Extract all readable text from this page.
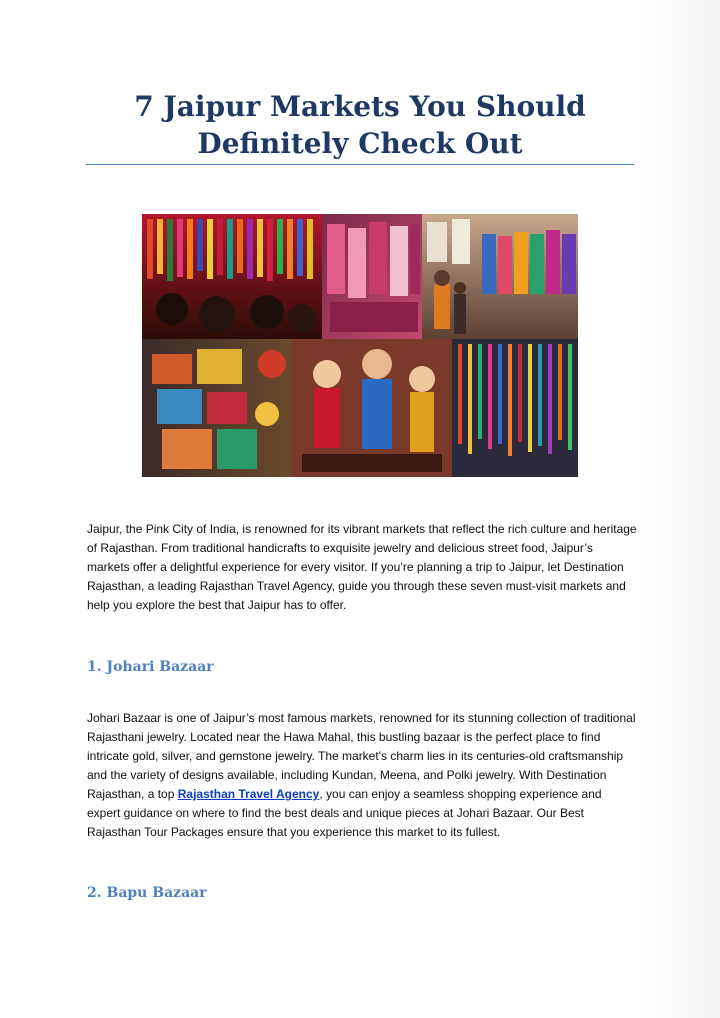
7 Jaipur Markets You Should
Definitely Check Out

Jaipur, the Pink City of India, is renowned for its vibrant markets that reflect the rich culture and heritage of Rajasthan. From traditional handicrafts to exquisite jewelry and delicious street food, Jaipur’s markets offer a delightful experience for every visitor. If you’re planning a trip to Jaipur, let Destination Rajasthan, a leading Rajasthan Travel Agency, guide you through these seven must-visit markets and help you explore the best that Jaipur has to offer.

1. Johari Bazaar

Johari Bazaar is one of Jaipur’s most famous markets, renowned for its stunning collection of traditional Rajasthani jewelry. Located near the Hawa Mahal, this bustling bazaar is the perfect place to find intricate gold, silver, and gemstone jewelry. The market's charm lies in its centuries-old craftsmanship and the variety of designs available, including Kundan, Meena, and Polki jewelry. With Destination Rajasthan, a top Rajasthan Travel Agency, you can enjoy a seamless shopping experience and expert guidance on where to find the best deals and unique pieces at Johari Bazaar. Our Best Rajasthan Tour Packages ensure that you experience this market to its fullest.

2. Bapu Bazaar
